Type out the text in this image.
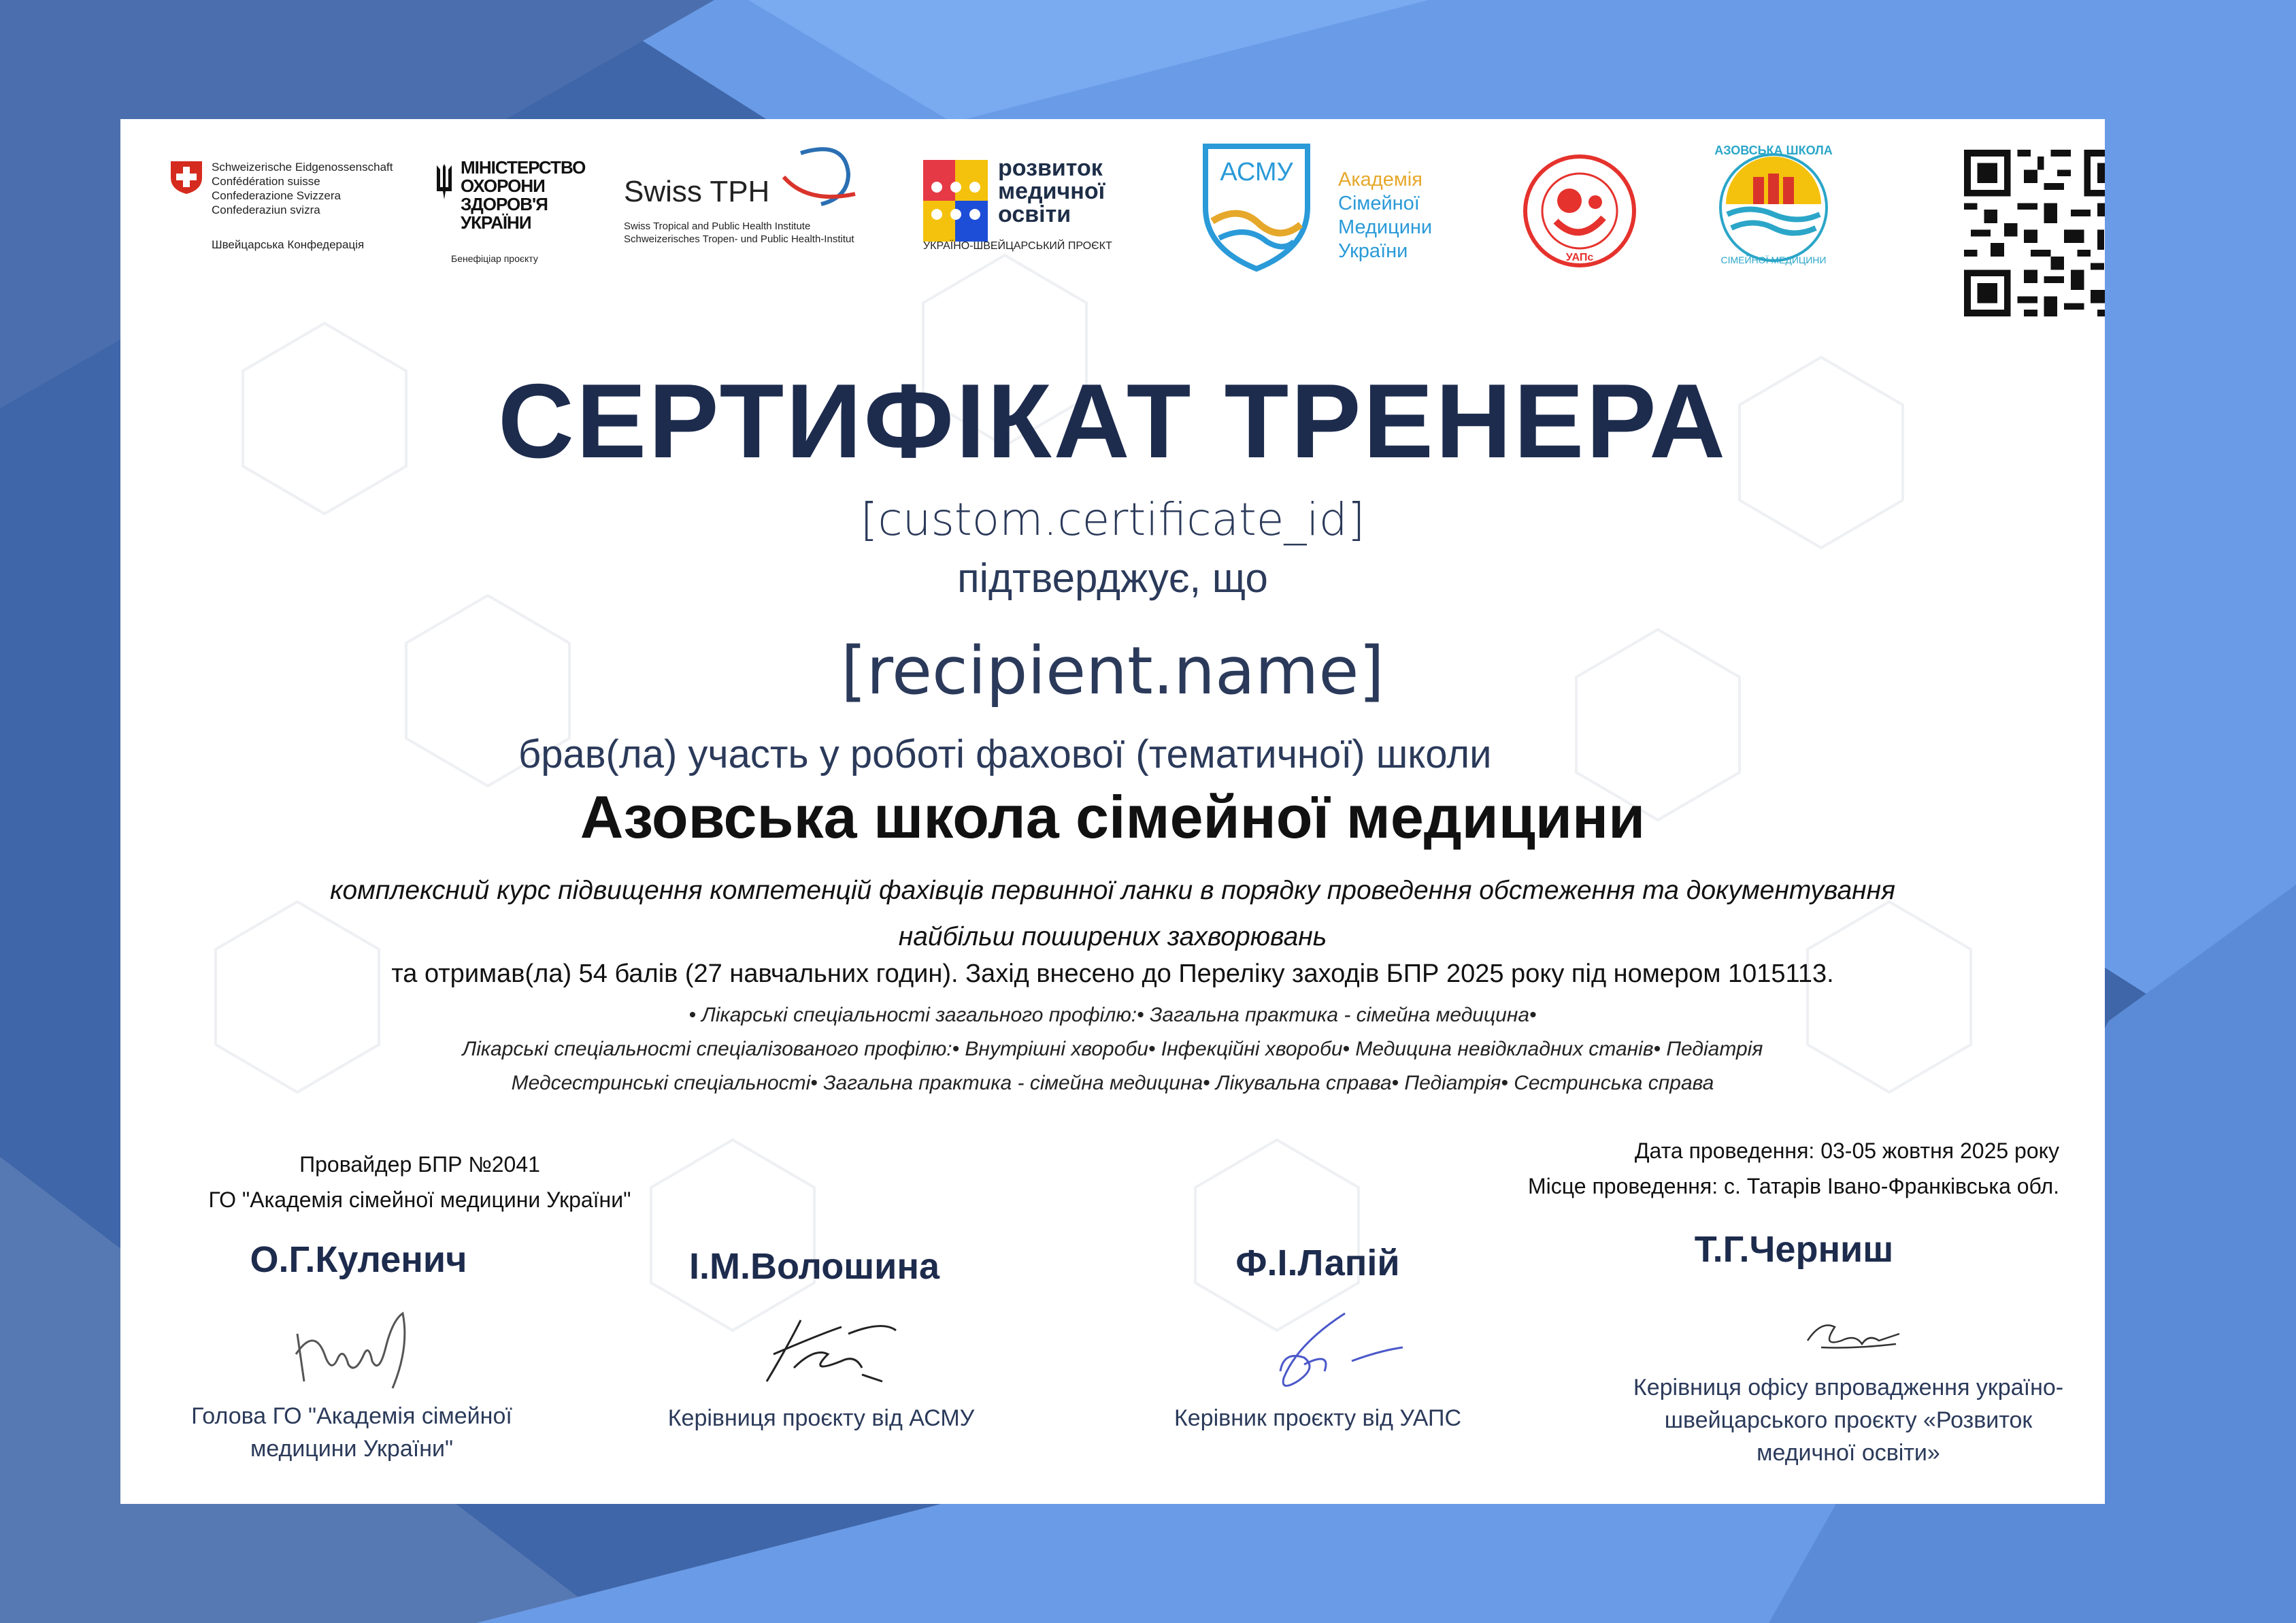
Schweizerische Eidgenossenschaft
Confédération suisse
Confederazione Svizzera
Confederaziun svizra
Швейцарська Конфедерація
МІНІСТЕРСТВО
ОХОРОНИ
ЗДОРОВ'Я
УКРАЇНИ
Бенефіціар проєкту
Swiss TPH
Swiss Tropical and Public Health Institute
Schweizerisches Tropen- und Public Health-Institut
розвиток
медичної
освіти
УКРАЇНО-ШВЕЙЦАРСЬКИЙ ПРОЄКТ
АСМУ Академія
Сімейної
Медицини
України	УАПс
АЗОВСЬКА ШКОЛА
СІМЕЙНОЇ МЕДИЦИНИ
СЕРТИФІКАТ ТРЕНЕРА
[custom.certificate_id]
підтверджує, що
[recipient.name]
брав(ла) участь у роботі фахової (тематичної) школи
Азовська школа сімейної медицини
комплексний курс підвищення компетенцій фахівців первинної ланки в порядку проведення обстеження та документування
найбільш поширених захворювань
та отримав(ла) 54 балів (27 навчальних годин). Захід внесено до Переліку заходів БПР 2025 року під номером 1015113.
• Лікарські спеціальності загального профілю:• Загальна практика - сімейна медицина•
Лікарські спеціальності спеціалізованого профілю:• Внутрішні хвороби• Інфекційні хвороби• Медицина невідкладних станів• Педіатрія
Медсестринські спеціальності• Загальна практика - сімейна медицина• Лікувальна справа• Педіатрія• Сестринська справа
Провайдер БПР №2041
ГО "Академія сімейної медицини України"
Дата проведення: 03-05 жовтня 2025 року
Місце проведення: с. Татарів Івано-Франківська обл.
О.Г.Куленич	І.М.Волошина	Ф.І.Лапій	Т.Г.Черниш
Голова ГО "Академія сімейної
медицини України"
Керівниця проєкту від АСМУ	Керівник проєкту від УАПС
Керівниця офісу впровадження україно-
швейцарського проєкту «Розвиток
медичної освіти»
